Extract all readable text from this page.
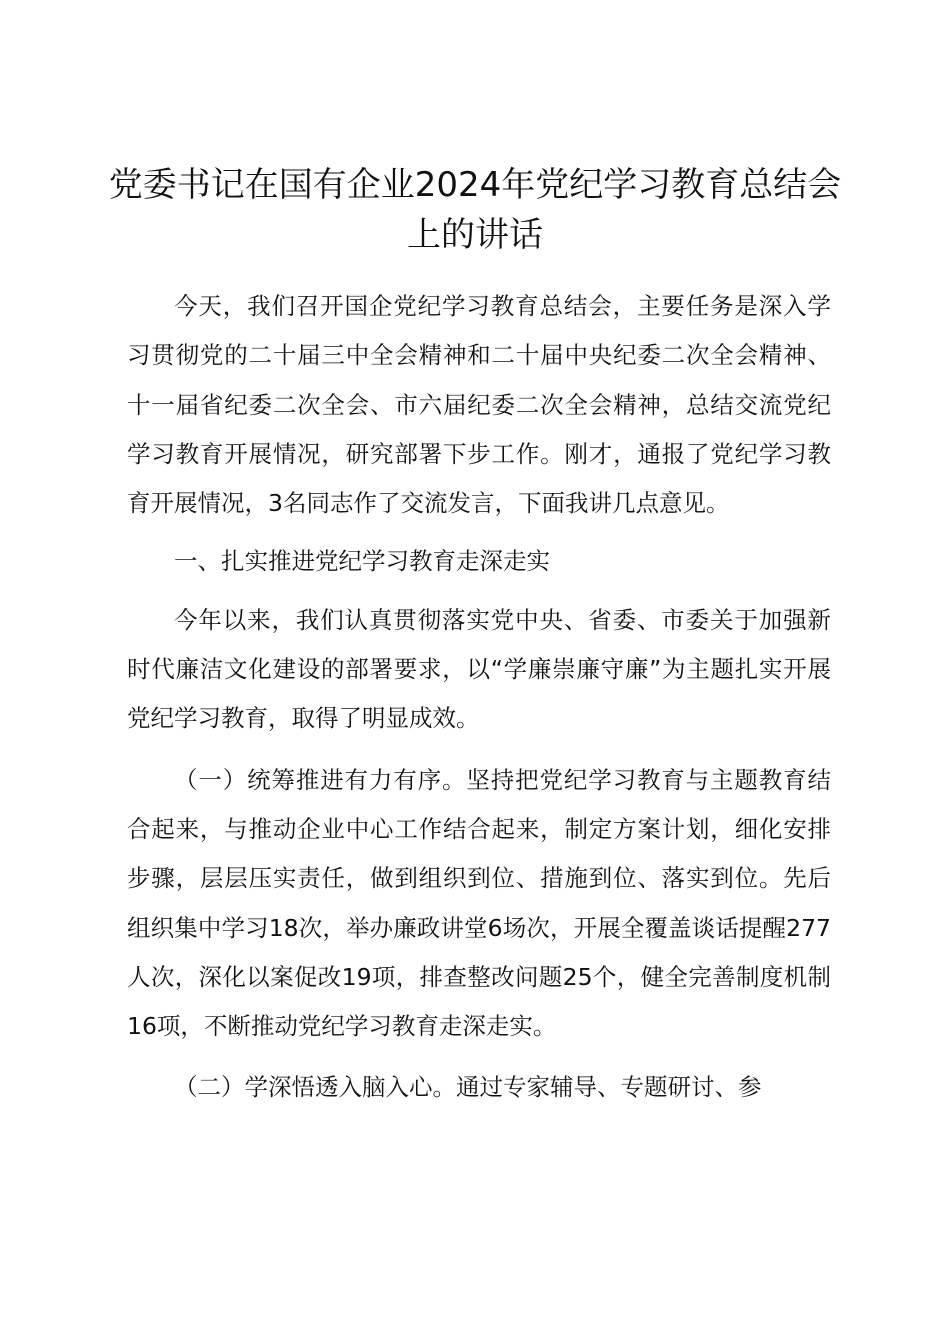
党委书记在国有企业2024年党纪学习教育总结会上的讲话

今天，我们召开国企党纪学习教育总结会，主要任务是深入学习贯彻党的二十届三中全会精神和二十届中央纪委二次全会精神、十一届省纪委二次全会、市六届纪委二次全会精神，总结交流党纪学习教育开展情况，研究部署下步工作。刚才，通报了党纪学习教育开展情况，3名同志作了交流发言，下面我讲几点意见。

一、扎实推进党纪学习教育走深走实

今年以来，我们认真贯彻落实党中央、省委、市委关于加强新时代廉洁文化建设的部署要求，以“学廉崇廉守廉”为主题扎实开展党纪学习教育，取得了明显成效。

（一）统筹推进有力有序。坚持把党纪学习教育与主题教育结合起来，与推动企业中心工作结合起来，制定方案计划，细化安排步骤，层层压实责任，做到组织到位、措施到位、落实到位。先后组织集中学习18次，举办廉政讲堂6场次，开展全覆盖谈话提醒277人次，深化以案促改19项，排查整改问题25个，健全完善制度机制16项，不断推动党纪学习教育走深走实。

（二）学深悟透入脑入心。通过专家辅导、专题研讨、参
